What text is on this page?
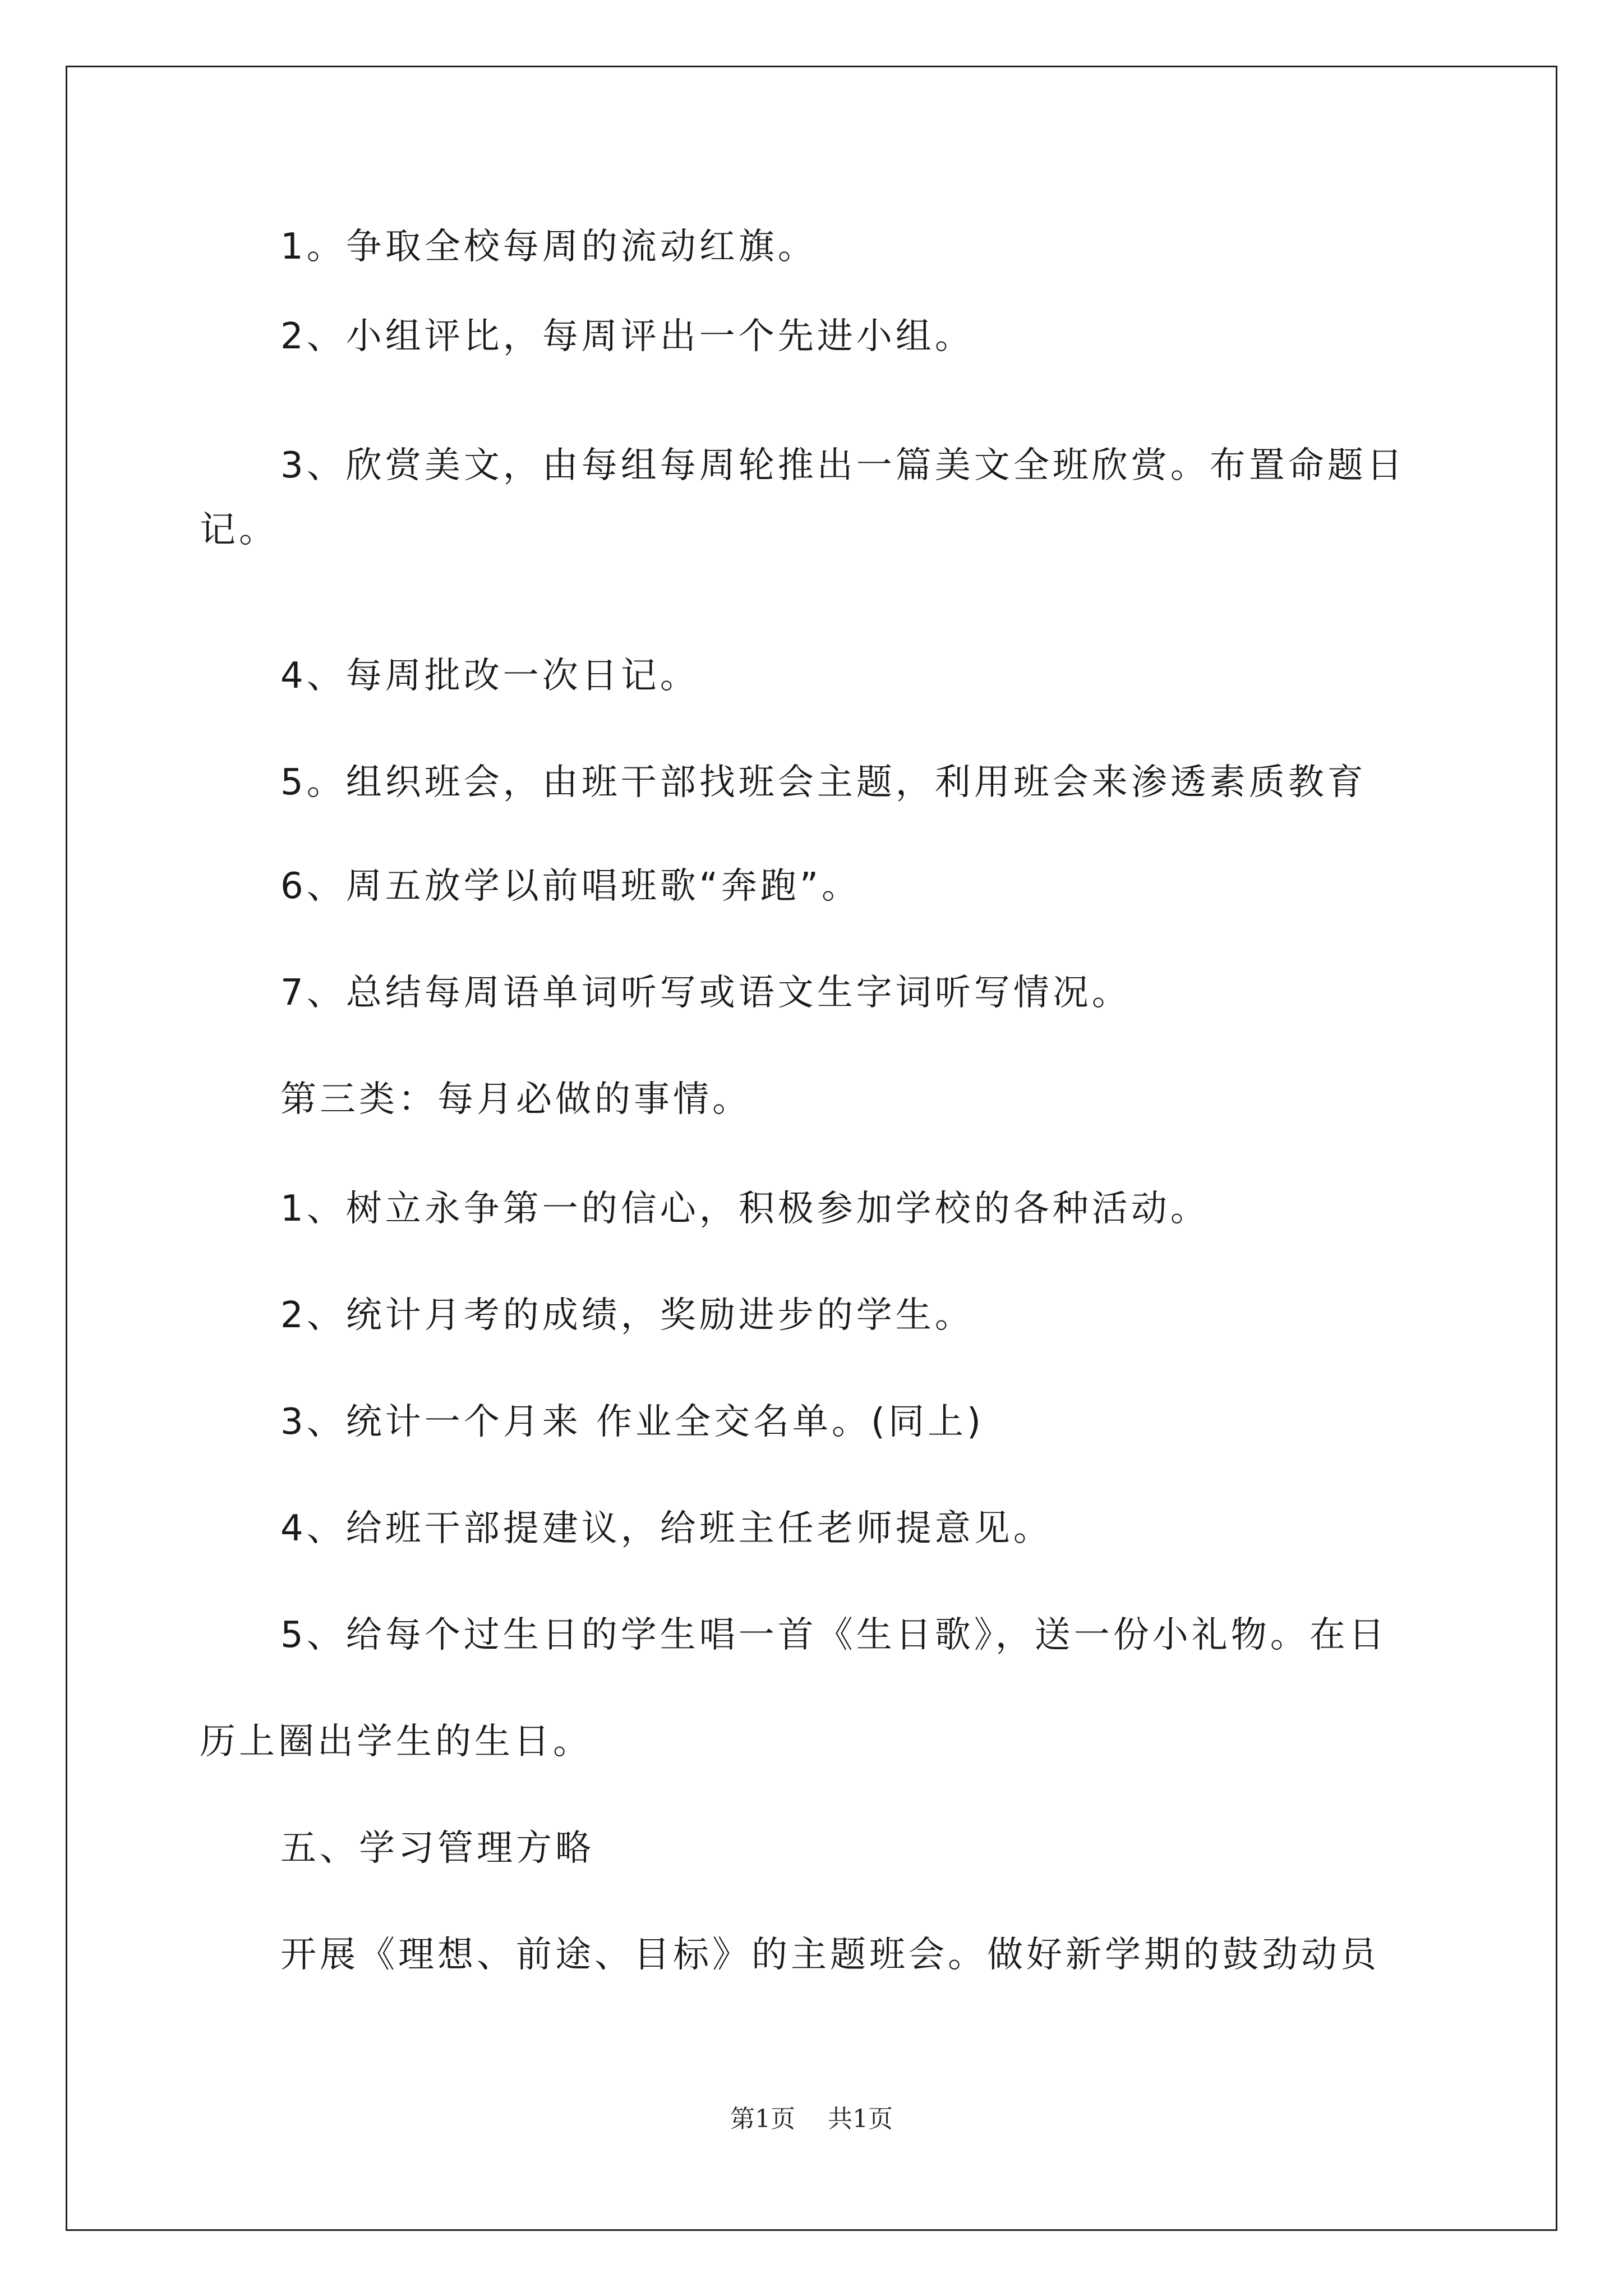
1。争取全校每周的流动红旗。
2、小组评比，每周评出一个先进小组。
3、欣赏美文，由每组每周轮推出一篇美文全班欣赏。布置命题日
记。
4、每周批改一次日记。
5。组织班会，由班干部找班会主题，利用班会来渗透素质教育
6、周五放学以前唱班歌“奔跑”。
7、总结每周语单词听写或语文生字词听写情况。
第三类：每月必做的事情。
1、树立永争第一的信心，积极参加学校的各种活动。
2、统计月考的成绩，奖励进步的学生。
3、统计一个月来 作业全交名单。(同上)
4、给班干部提建议，给班主任老师提意见。
5、给每个过生日的学生唱一首《生日歌》，送一份小礼物。在日
历上圈出学生的生日。
五、学习管理方略
开展《理想、前途、目标》的主题班会。做好新学期的鼓劲动员
第1页 共1页
